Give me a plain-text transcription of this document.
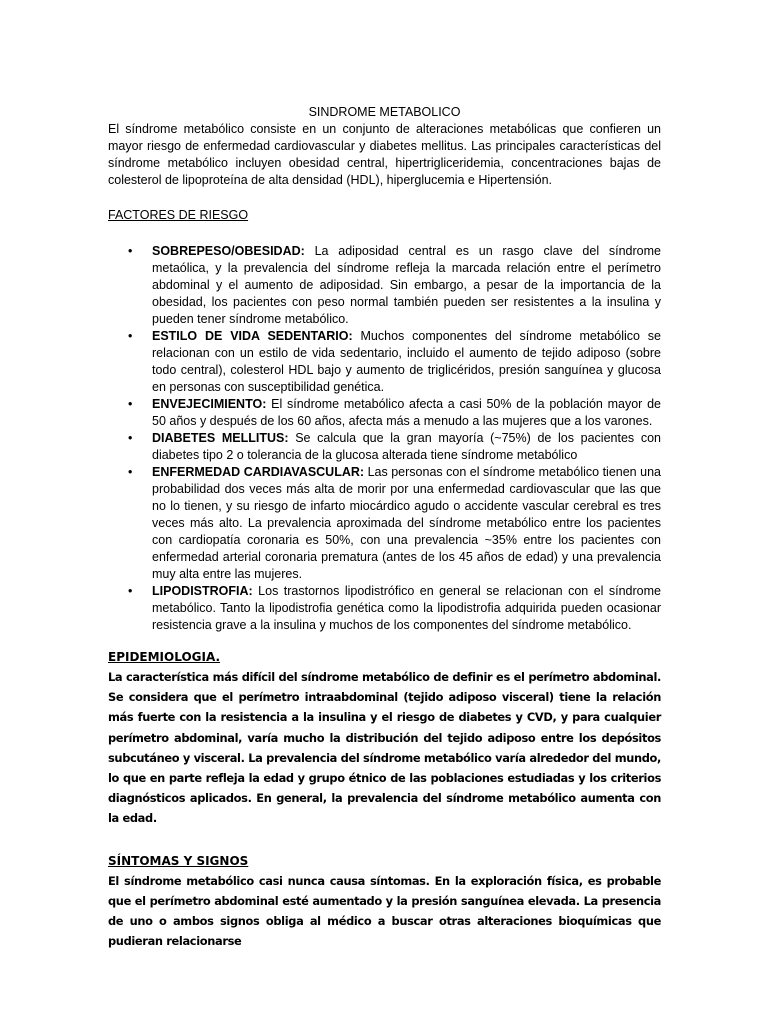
SINDROME METABOLICO

El síndrome metabólico consiste en un conjunto de alteraciones metabólicas que confieren un mayor riesgo de enfermedad cardiovascular y diabetes mellitus. Las principales características del síndrome metabólico incluyen obesidad central, hipertrigliceridemia, concentraciones bajas de colesterol de lipoproteína de alta densidad (HDL), hiperglucemia e Hipertensión.

FACTORES DE RIESGO

• SOBREPESO/OBESIDAD: La adiposidad central es un rasgo clave del síndrome metaólica, y la prevalencia del síndrome refleja la marcada relación entre el perímetro abdominal y el aumento de adiposidad. Sin embargo, a pesar de la importancia de la obesidad, los pacientes con peso normal también pueden ser resistentes a la insulina y pueden tener síndrome metabólico.
• ESTILO DE VIDA SEDENTARIO: Muchos componentes del síndrome metabólico se relacionan con un estilo de vida sedentario, incluido el aumento de tejido adiposo (sobre todo central), colesterol HDL bajo y aumento de triglicéridos, presión sanguínea y glucosa en personas con susceptibilidad genética.
• ENVEJECIMIENTO: El síndrome metabólico afecta a casi 50% de la población mayor de 50 años y después de los 60 años, afecta más a menudo a las mujeres que a los varones.
• DIABETES MELLITUS: Se calcula que la gran mayoría (~75%) de los pacientes con diabetes tipo 2 o tolerancia de la glucosa alterada tiene síndrome metabólico
• ENFERMEDAD CARDIAVASCULAR: Las personas con el síndrome metabólico tienen una probabilidad dos veces más alta de morir por una enfermedad cardiovascular que las que no lo tienen, y su riesgo de infarto miocárdico agudo o accidente vascular cerebral es tres veces más alto. La prevalencia aproximada del síndrome metabólico entre los pacientes con cardiopatía coronaria es 50%, con una prevalencia ~35% entre los pacientes con enfermedad arterial coronaria prematura (antes de los 45 años de edad) y una prevalencia muy alta entre las mujeres.
• LIPODISTROFIA: Los trastornos lipodistrófico en general se relacionan con el síndrome metabólico. Tanto la lipodistrofia genética como la lipodistrofia adquirida pueden ocasionar resistencia grave a la insulina y muchos de los componentes del síndrome metabólico.

EPIDEMIOLOGIA.

La característica más difícil del síndrome metabólico de definir es el perímetro abdominal. Se considera que el perímetro intraabdominal (tejido adiposo visceral) tiene la relación más fuerte con la resistencia a la insulina y el riesgo de diabetes y CVD, y para cualquier perímetro abdominal, varía mucho la distribución del tejido adiposo entre los depósitos subcutáneo y visceral. La prevalencia del síndrome metabólico varía alrededor del mundo, lo que en parte refleja la edad y grupo étnico de las poblaciones estudiadas y los criterios diagnósticos aplicados. En general, la prevalencia del síndrome metabólico aumenta con la edad.

SÍNTOMAS Y SIGNOS

El síndrome metabólico casi nunca causa síntomas. En la exploración física, es probable que el perímetro abdominal esté aumentado y la presión sanguínea elevada. La presencia de uno o ambos signos obliga al médico a buscar otras alteraciones bioquímicas que pudieran relacionarse
